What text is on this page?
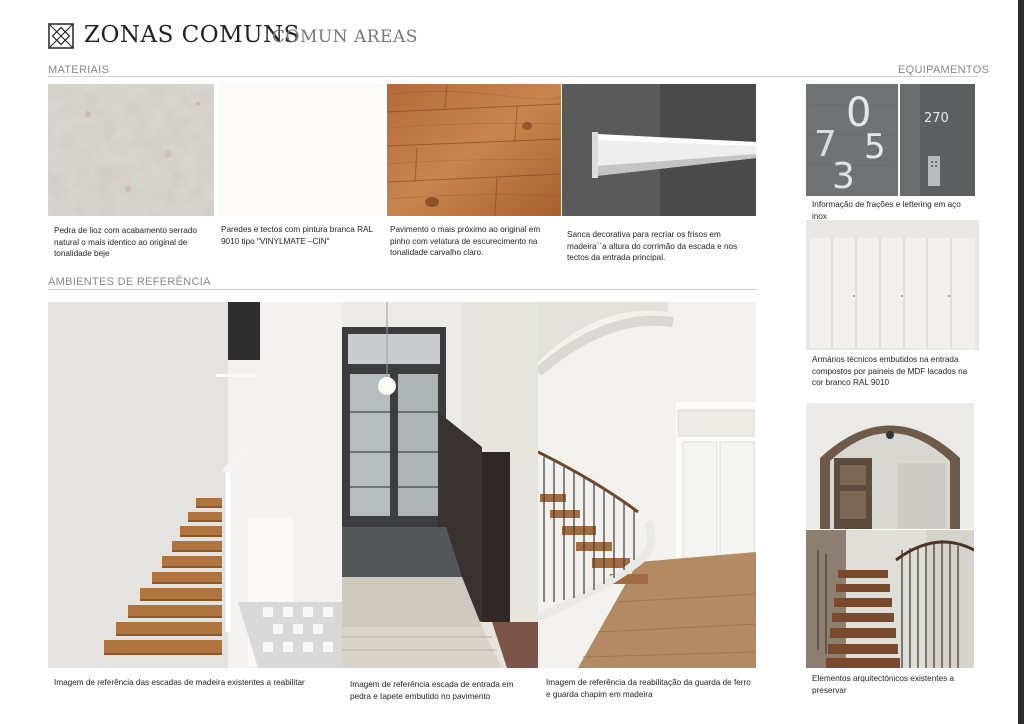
ZONAS COMUNS
COMUN AREAS
MATERIAIS	EQUIPAMENTOS
Pedra de lioz com acabamento serrado natural o mais identico ao original de tonalidade beje
Paredes e tectos com pintura branca RAL 9010 tipo "VINYLMATE –CIN"
Pavimento o mais próximo ao original em pinho com velatura de escurecimento na tonalidade carvalho claro.
Sanca decorativa para recriar os frisos em madeira``a altura do corrimão da escada e nos tectos da entrada principal.
AMBIENTES DE REFERÊNCIA
Imagem de referência das escadas de madeira existentes a reabilitar	Imagem de referência escada de entrada em pedra e tapete embutido no pavimento
Imagem de referência da reabilitação da guarda de ferro e guarda chapim em madeira
0
7
3
5
270
Informação de frações e lettering em aço inox
Armários técnicos embutidos na entrada compostos por paineis de MDF lacados na cor branco RAL 9010
Elementos arquitectónicos existentes a preservar
